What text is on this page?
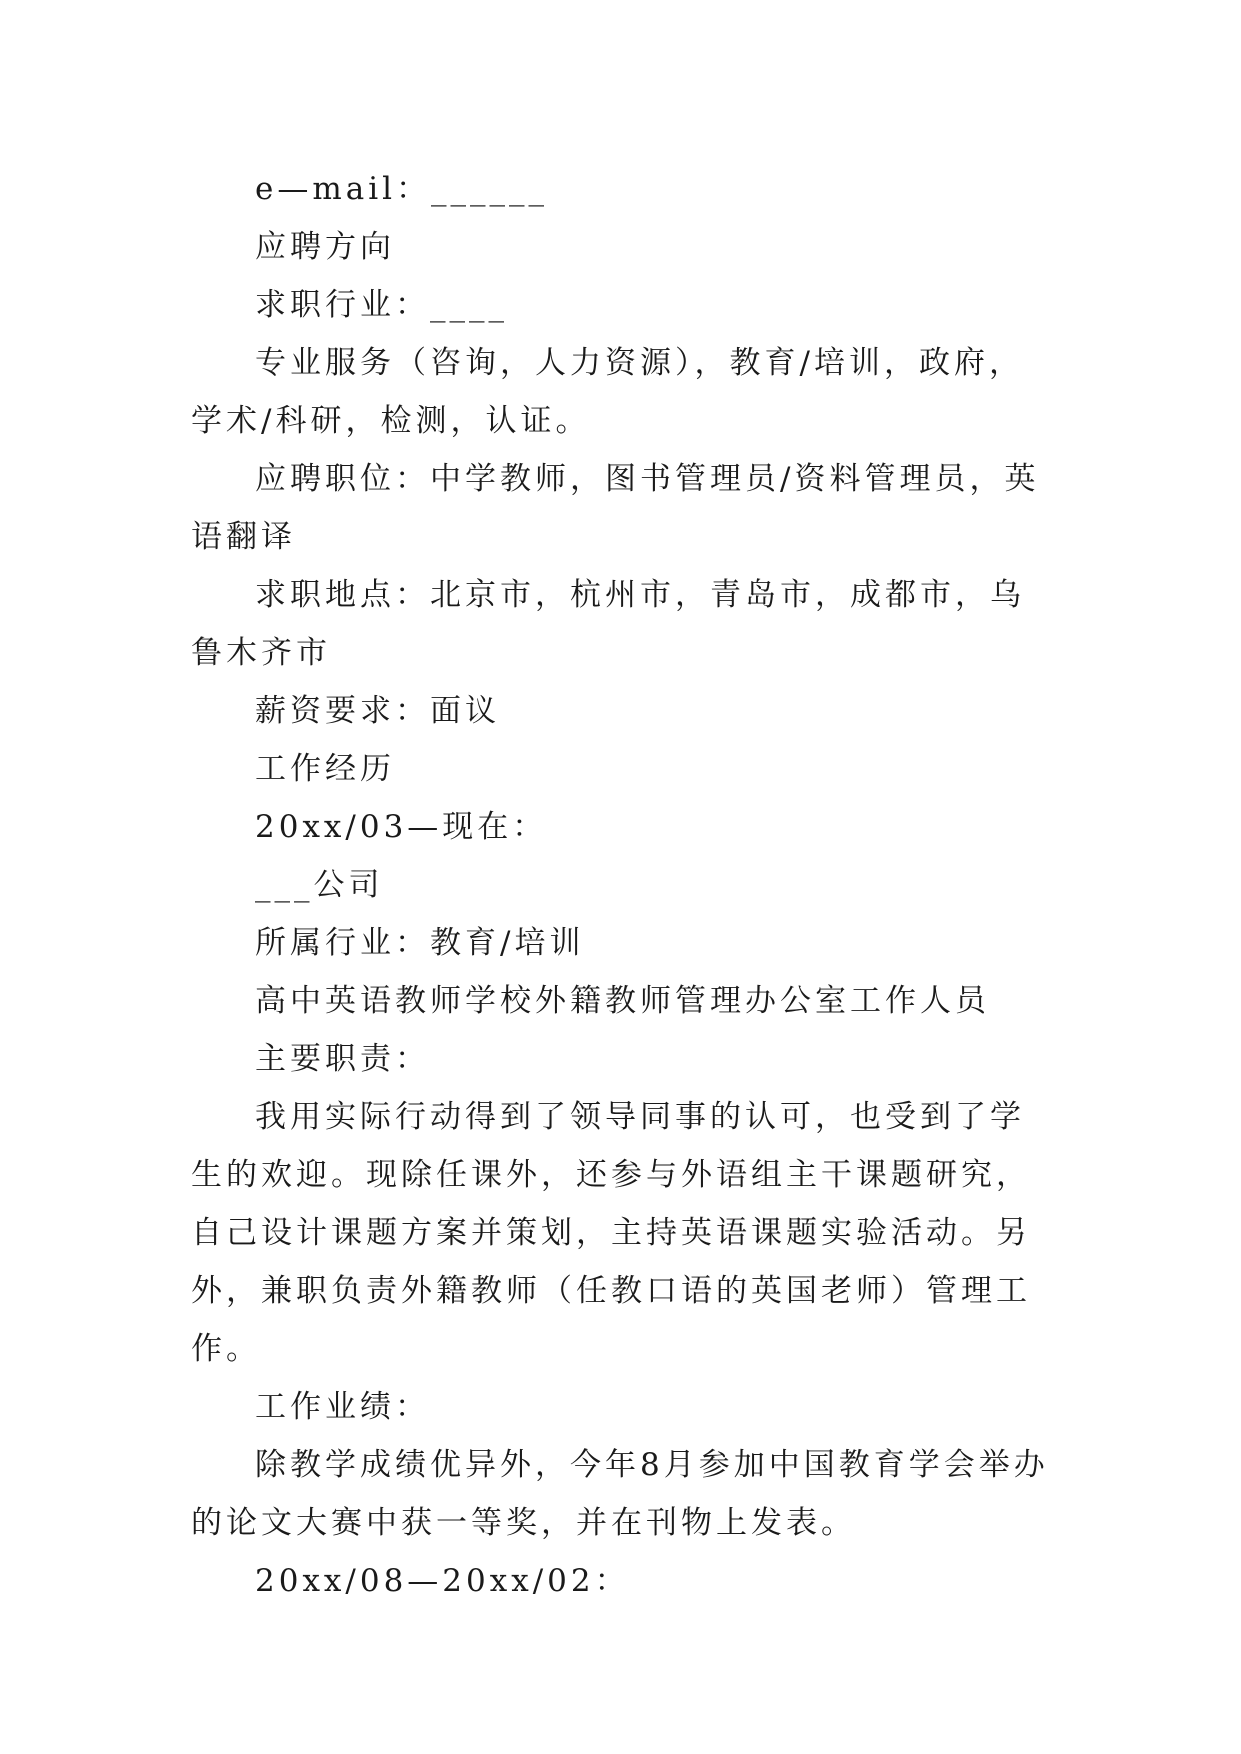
e—mail：______

应聘方向

求职行业：____

专业服务（咨询，人力资源），教育/培训，政府，学术/科研，检测，认证。

应聘职位：中学教师，图书管理员/资料管理员，英语翻译

求职地点：北京市，杭州市，青岛市，成都市，乌鲁木齐市

薪资要求：面议

工作经历

20xx/03—现在：

___公司

所属行业：教育/培训

高中英语教师学校外籍教师管理办公室工作人员

主要职责：

我用实际行动得到了领导同事的认可，也受到了学生的欢迎。现除任课外，还参与外语组主干课题研究，自己设计课题方案并策划，主持英语课题实验活动。另外，兼职负责外籍教师（任教口语的英国老师）管理工作。

工作业绩：

除教学成绩优异外，今年8月参加中国教育学会举办的论文大赛中获一等奖，并在刊物上发表。

20xx/08—20xx/02：
